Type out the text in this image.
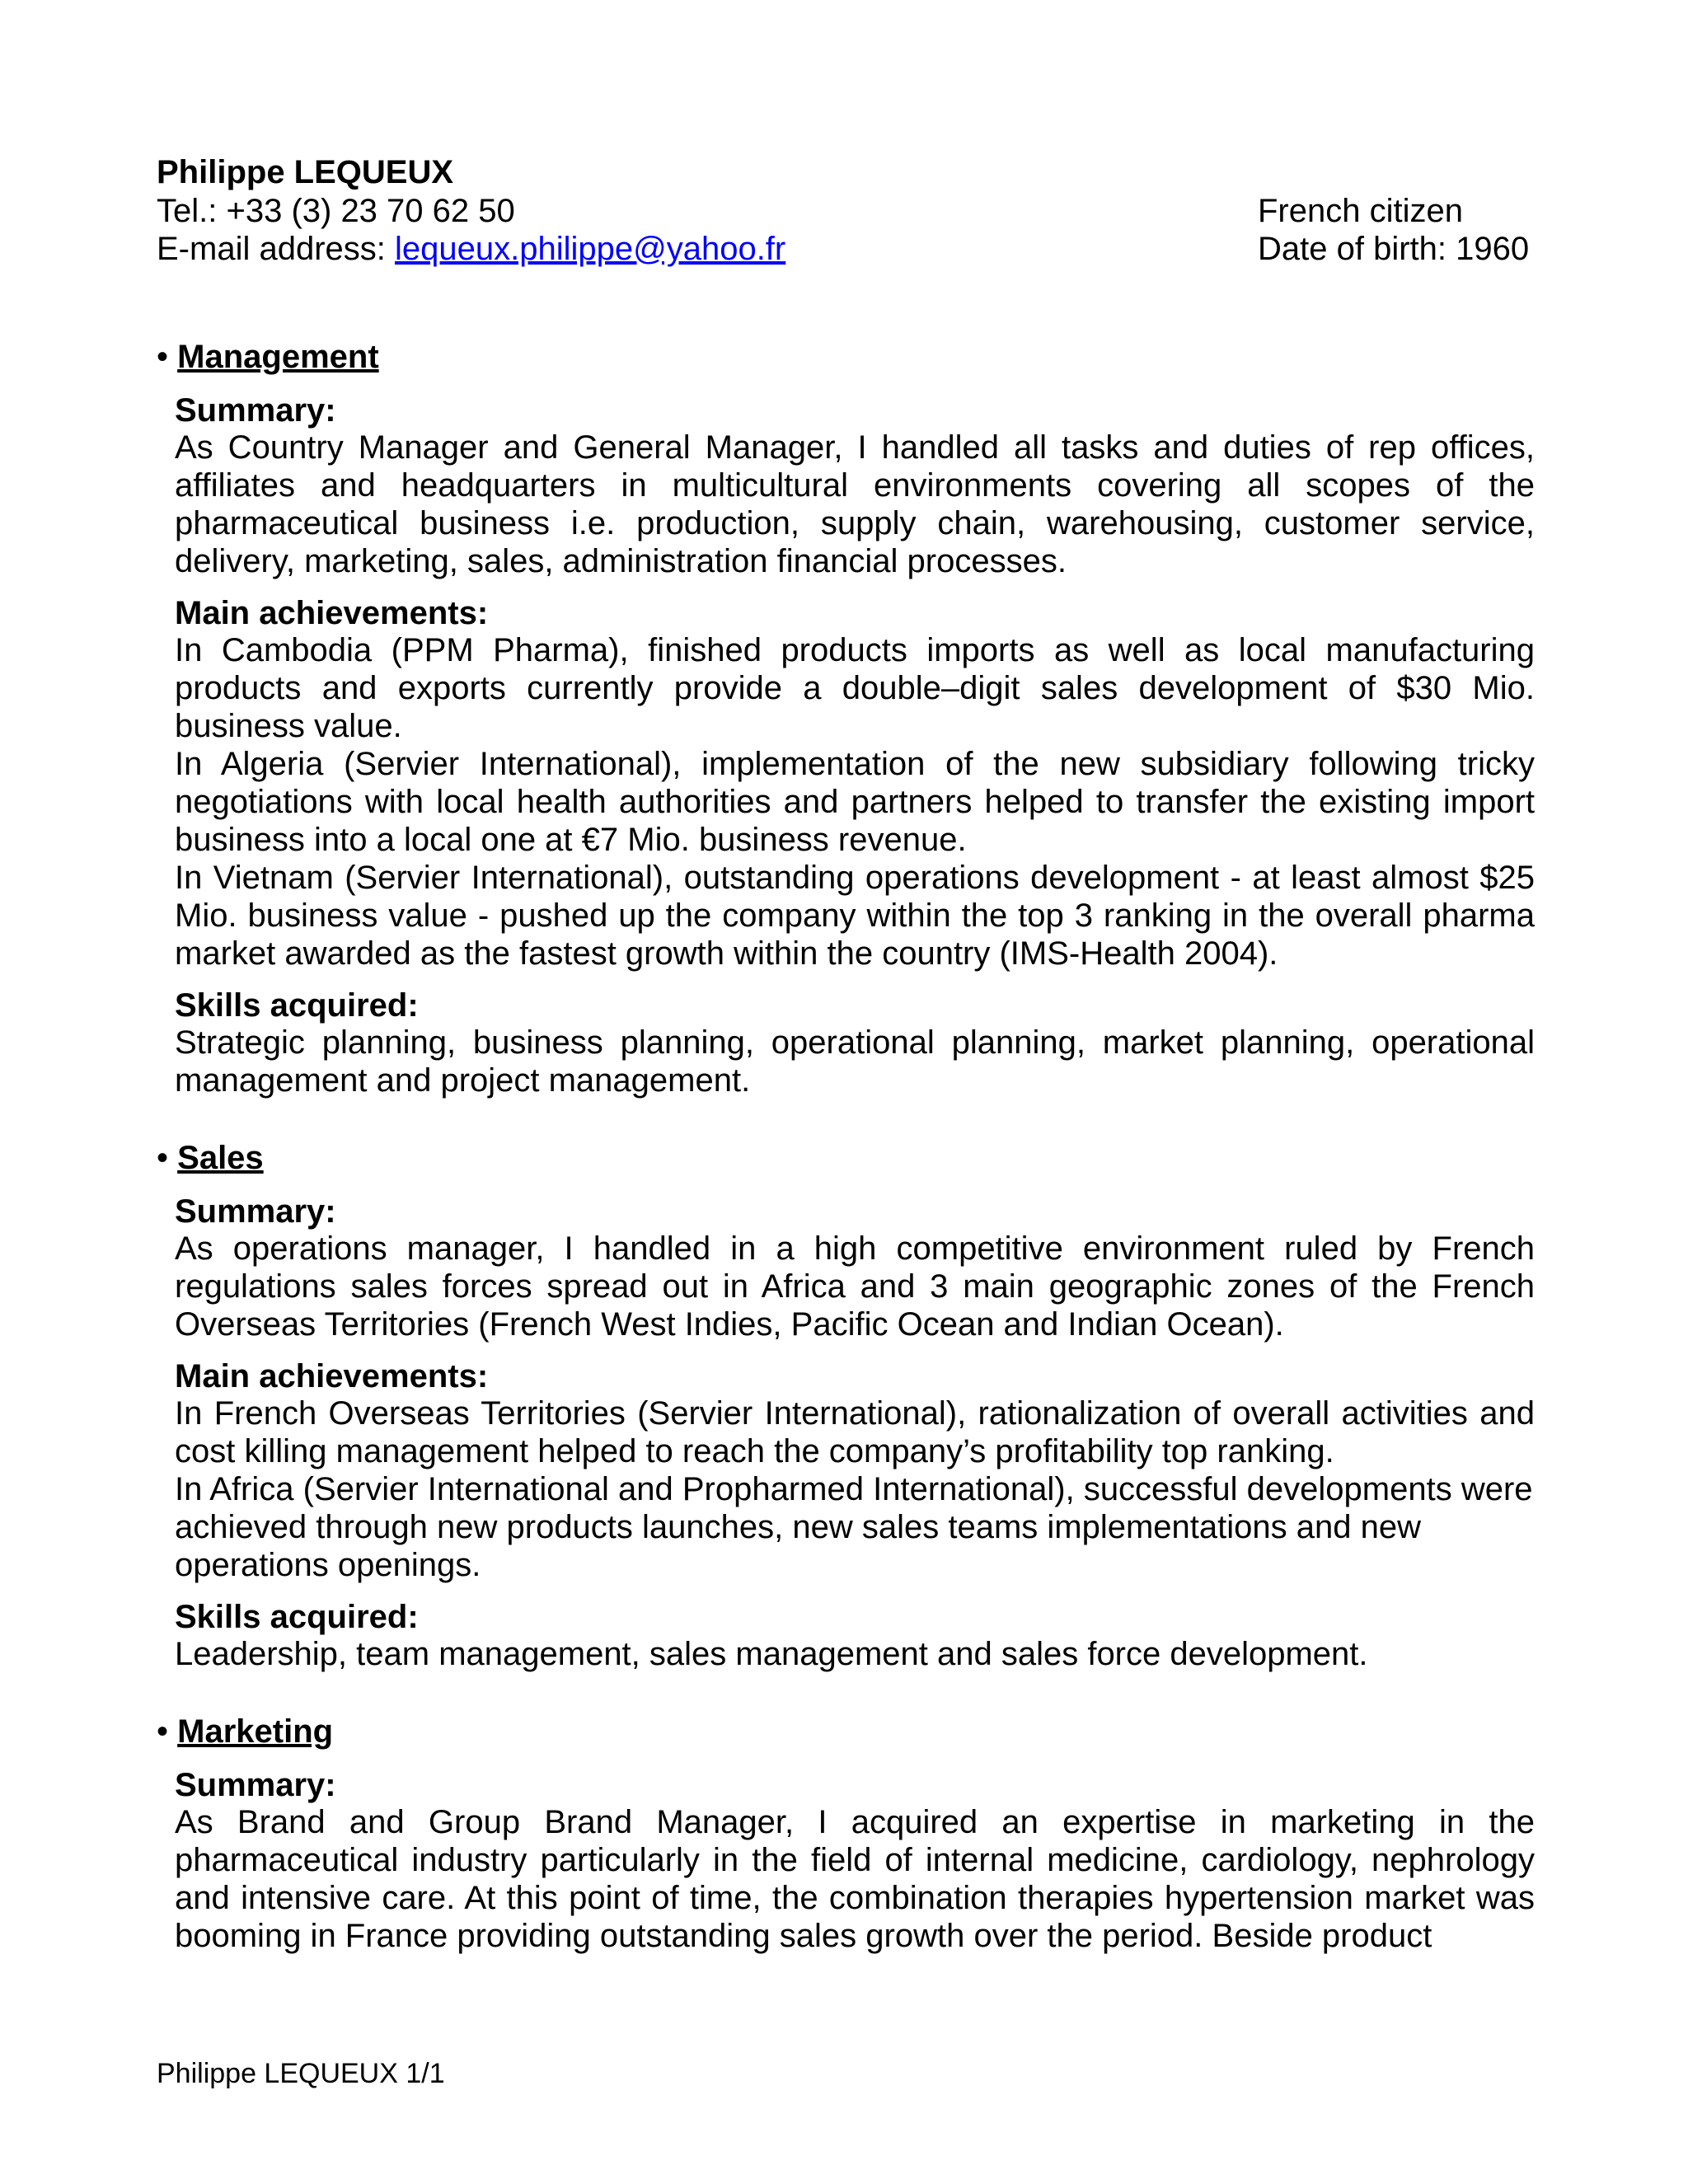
Philippe LEQUEUX
Tel.: +33 (3) 23 70 62 50	French citizen
E-mail address: lequeux.philippe@yahoo.fr	Date of birth: 1960
• Management
Summary:
As Country Manager and General Manager, I handled all tasks and duties of rep offices, affiliates and headquarters in multicultural environments covering all scopes of the pharmaceutical business i.e. production, supply chain, warehousing, customer service, delivery, marketing, sales, administration financial processes.
Main achievements:
In Cambodia (PPM Pharma), finished products imports as well as local manufacturing products and exports currently provide a double–digit sales development of $30 Mio. business value.
In Algeria (Servier International), implementation of the new subsidiary following tricky negotiations with local health authorities and partners helped to transfer the existing import business into a local one at €7 Mio. business revenue.
In Vietnam (Servier International), outstanding operations development - at least almost $25 Mio. business value - pushed up the company within the top 3 ranking in the overall pharma market awarded as the fastest growth within the country (IMS-Health 2004).
Skills acquired:
Strategic planning, business planning, operational planning, market planning, operational management and project management.
• Sales
Summary:
As operations manager, I handled in a high competitive environment ruled by French regulations sales forces spread out in Africa and 3 main geographic zones of the French Overseas Territories (French West Indies, Pacific Ocean and Indian Ocean).
Main achievements:
In French Overseas Territories (Servier International), rationalization of overall activities and cost killing management helped to reach the company’s profitability top ranking.
In Africa (Servier International and Propharmed International), successful developments were achieved through new products launches, new sales teams implementations and new operations openings.
Skills acquired:
Leadership, team management, sales management and sales force development.
• Marketing
Summary:
As Brand and Group Brand Manager, I acquired an expertise in marketing in the pharmaceutical industry particularly in the field of internal medicine, cardiology, nephrology and intensive care. At this point of time, the combination therapies hypertension market was booming in France providing outstanding sales growth over the period. Beside product
Philippe LEQUEUX 1/1
